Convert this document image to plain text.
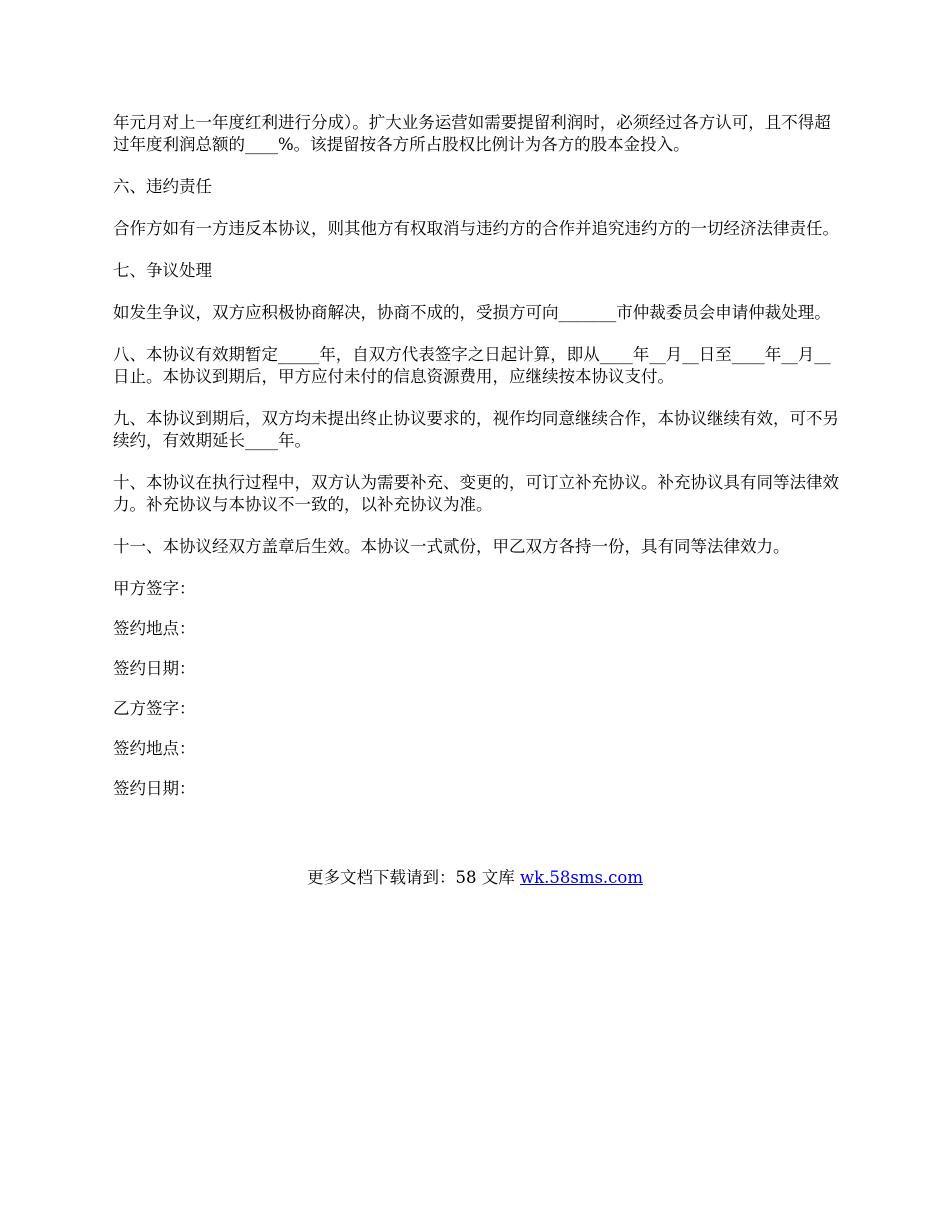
年元月对上一年度红利进行分成）。扩大业务运营如需要提留利润时，必须经过各方认可，且不得超过年度利润总额的____%。该提留按各方所占股权比例计为各方的股本金投入。

六、违约责任

合作方如有一方违反本协议，则其他方有权取消与违约方的合作并追究违约方的一切经济法律责任。

七、争议处理

如发生争议，双方应积极协商解决，协商不成的，受损方可向_______市仲裁委员会申请仲裁处理。

八、本协议有效期暂定_____年，自双方代表签字之日起计算，即从____年__月__日至____年__月__日止。本协议到期后，甲方应付未付的信息资源费用，应继续按本协议支付。

九、本协议到期后，双方均未提出终止协议要求的，视作均同意继续合作，本协议继续有效，可不另续约，有效期延长____年。

十、本协议在执行过程中，双方认为需要补充、变更的，可订立补充协议。补充协议具有同等法律效力。补充协议与本协议不一致的，以补充协议为准。

十一、本协议经双方盖章后生效。本协议一式贰份，甲乙双方各持一份，具有同等法律效力。

甲方签字：
签约地点：
签约日期：
乙方签字：
签约地点：
签约日期：
更多文档下载请到：58 文库 wk.58sms.com
